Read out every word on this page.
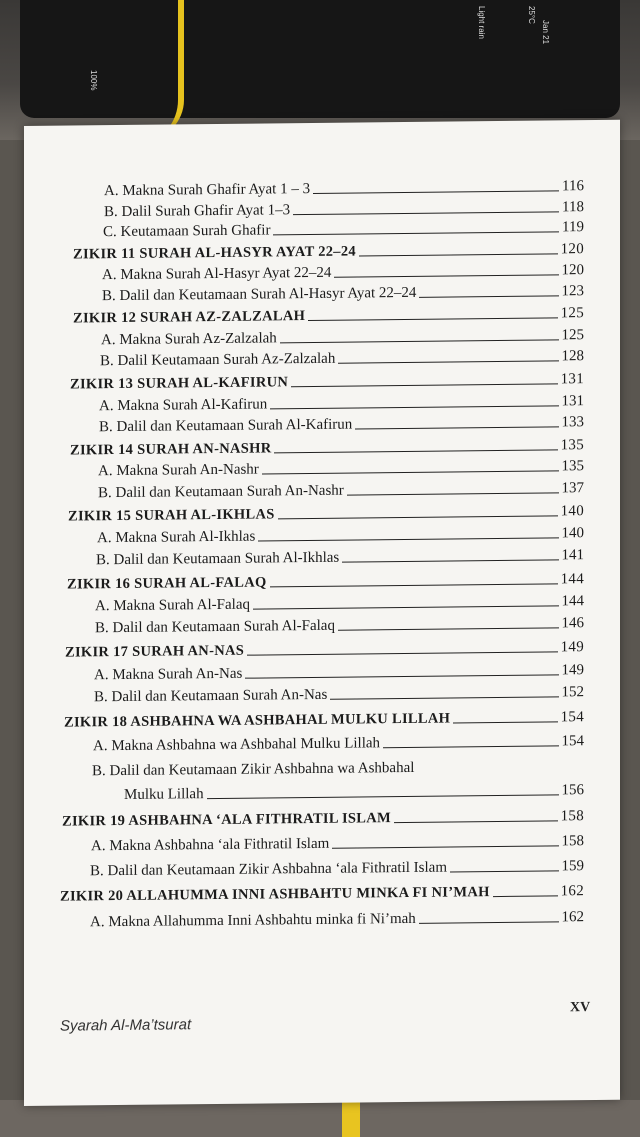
100%
Light rain	25°C
Jan 21
A. Makna Surah Ghafir Ayat 1 – 3	116
B. Dalil Surah Ghafir Ayat 1–3	118
C. Keutamaan Surah Ghafir	119
ZIKIR 11 SURAH AL-HASYR AYAT 22–24	120
A. Makna Surah Al-Hasyr Ayat 22–24	120
B. Dalil dan Keutamaan Surah Al-Hasyr Ayat 22–24	123
ZIKIR 12 SURAH AZ-ZALZALAH	125
A. Makna Surah Az-Zalzalah	125
B. Dalil Keutamaan Surah Az-Zalzalah	128
ZIKIR 13 SURAH AL-KAFIRUN	131
A. Makna Surah Al-Kafirun	131
B. Dalil dan Keutamaan Surah Al-Kafirun	133
ZIKIR 14 SURAH AN-NASHR	135
A. Makna Surah An-Nashr	135
B. Dalil dan Keutamaan Surah An-Nashr	137
ZIKIR 15 SURAH AL-IKHLAS	140
A. Makna Surah Al-Ikhlas	140
B. Dalil dan Keutamaan Surah Al-Ikhlas	141
ZIKIR 16 SURAH AL-FALAQ	144
A. Makna Surah Al-Falaq	144
B. Dalil dan Keutamaan Surah Al-Falaq	146
ZIKIR 17 SURAH AN-NAS	149
A. Makna Surah An-Nas	149
B. Dalil dan Keutamaan Surah An-Nas	152
ZIKIR 18 ASHBAHNA WA ASHBAHAL MULKU LILLAH	154
A. Makna Ashbahna wa Ashbahal Mulku Lillah	154
B. Dalil dan Keutamaan Zikir Ashbahna wa Ashbahal
Mulku Lillah	156
ZIKIR 19 ASHBAHNA ‘ALA FITHRATIL ISLAM	158
A. Makna Ashbahna ‘ala Fithratil Islam	158
B. Dalil dan Keutamaan Zikir Ashbahna ‘ala Fithratil Islam	159
ZIKIR 20 ALLAHUMMA INNI ASHBAHTU MINKA FI NI’MAH	162
A. Makna Allahumma Inni Ashbahtu minka fi Ni’mah	162
Syarah Al-Ma’tsurat
XV
